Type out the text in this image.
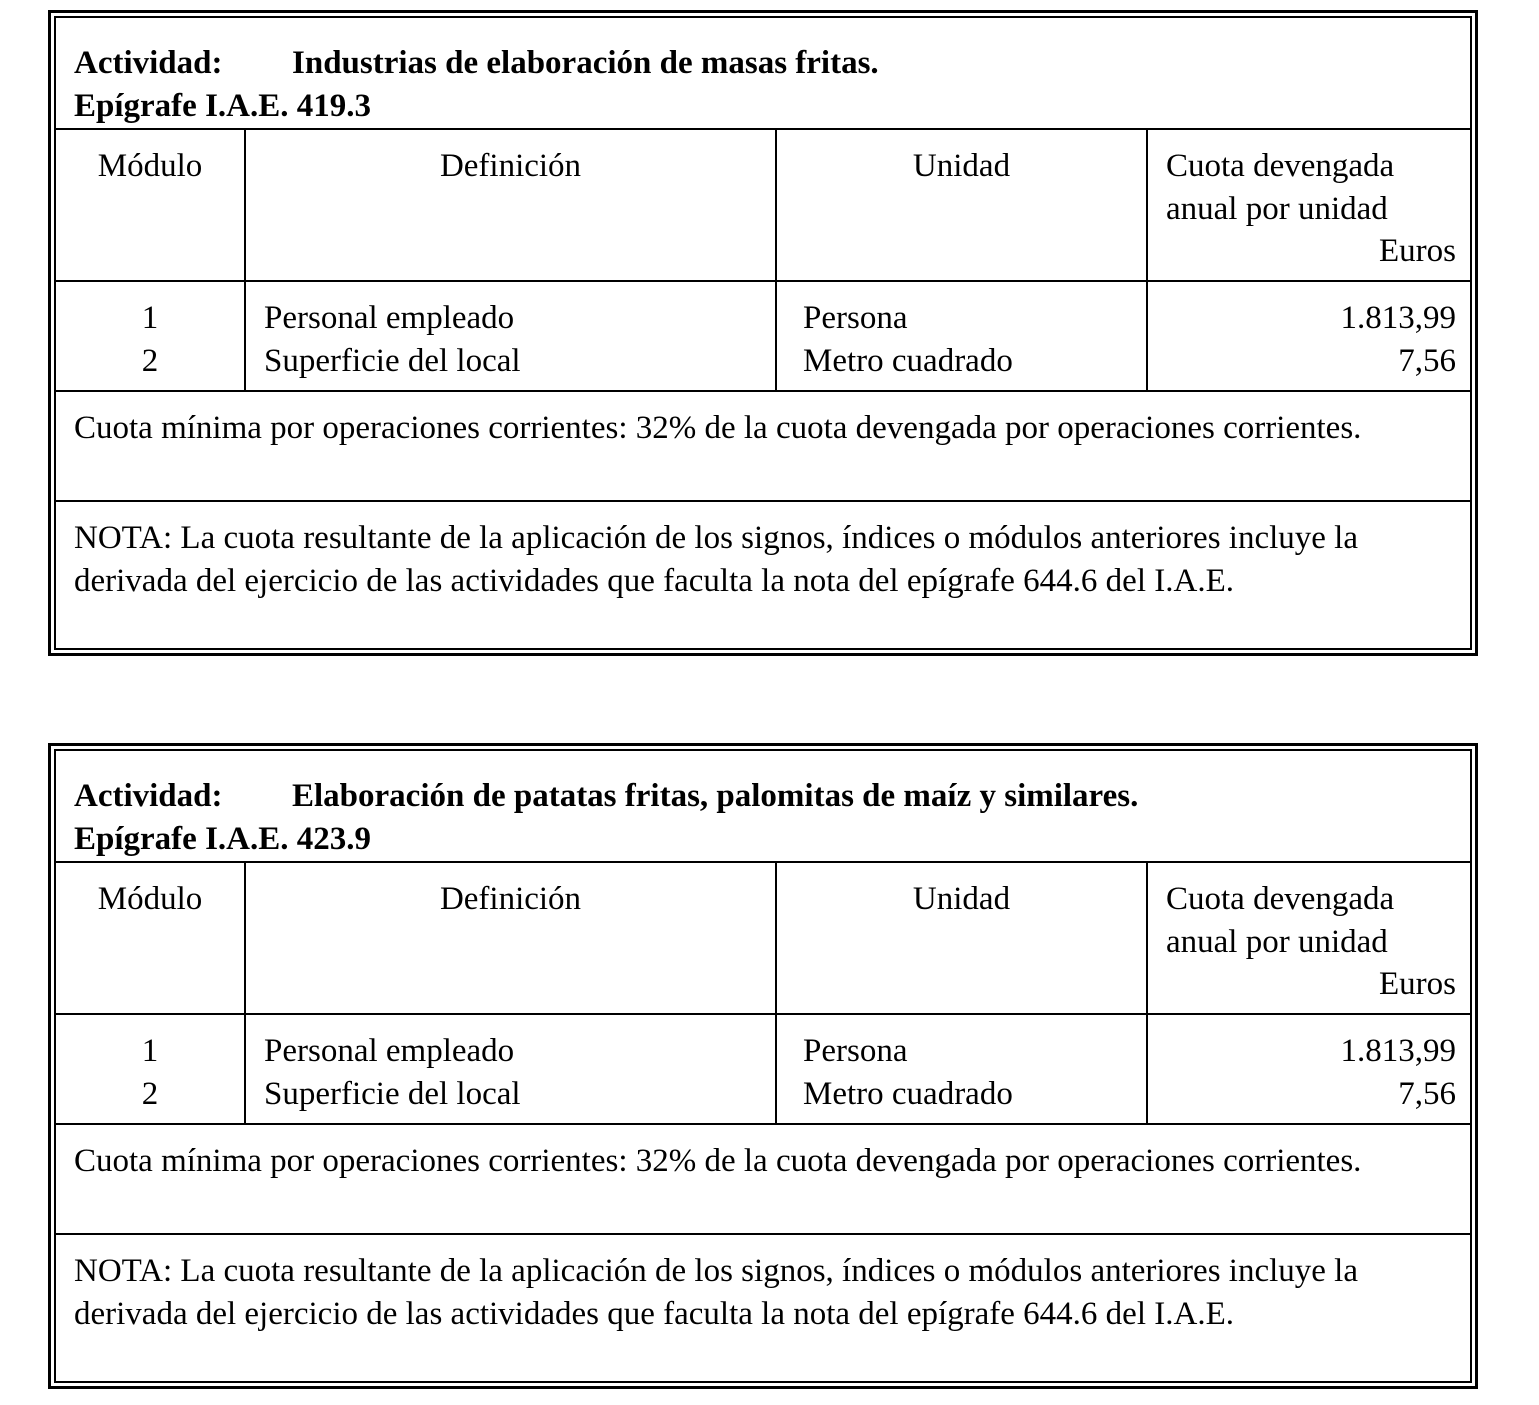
Actividad: Industrias de elaboración de masas fritas.
Epígrafe I.A.E. 419.3
Módulo	Definición	Unidad	Cuota devengada
anual por unidad
Euros
1	Personal empleado	Persona	1.813,99
2	Superficie del local	Metro cuadrado	7,56
Cuota mínima por operaciones corrientes: 32% de la cuota devengada por operaciones corrientes.
NOTA: La cuota resultante de la aplicación de los signos, índices o módulos anteriores incluye la derivada del ejercicio de las actividades que faculta la nota del epígrafe 644.6 del I.A.E.
Actividad: Elaboración de patatas fritas, palomitas de maíz y similares.
Epígrafe I.A.E. 423.9
Módulo	Definición	Unidad	Cuota devengada
anual por unidad
Euros
1	Personal empleado	Persona	1.813,99
2	Superficie del local	Metro cuadrado	7,56
Cuota mínima por operaciones corrientes: 32% de la cuota devengada por operaciones corrientes.
NOTA: La cuota resultante de la aplicación de los signos, índices o módulos anteriores incluye la derivada del ejercicio de las actividades que faculta la nota del epígrafe 644.6 del I.A.E.
